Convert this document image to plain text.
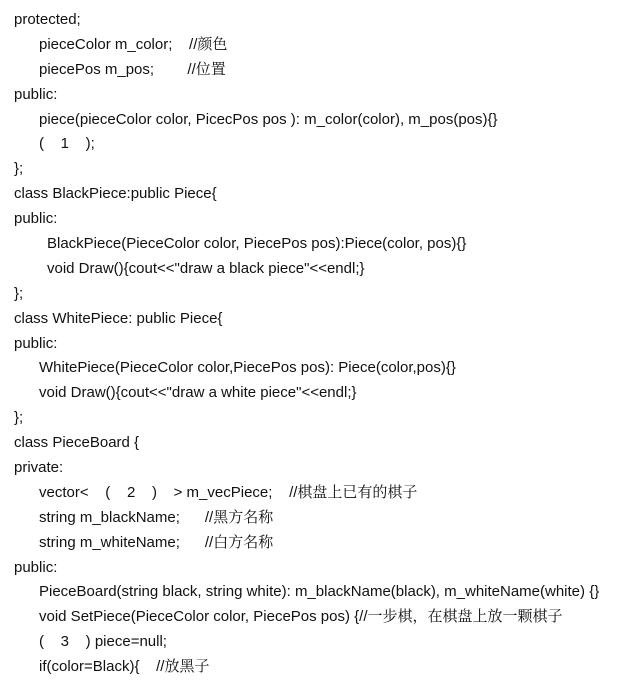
protected;
pieceColor m_color;    //颜色
piecePos m_pos;        //位置
public:
piece(pieceColor color, PicecPos pos ): m_color(color), m_pos(pos){}
(    1    );
};
class BlackPiece:public Piece{
public:
BlackPiece(PieceColor color, PiecePos pos):Piece(color, pos){}
void Draw(){cout<<"draw a black piece"<<endl;}
};
class WhitePiece: public Piece{
public:
WhitePiece(PieceColor color,PiecePos pos): Piece(color,pos){}
void Draw(){cout<<"draw a white piece"<<endl;}
};
class PieceBoard {
private:
vector<    (    2    )    > m_vecPiece;    //棋盘上已有的棋子
string m_blackName;      //黑方名称
string m_whiteName;      //白方名称
public:
PieceBoard(string black, string white): m_blackName(black), m_whiteName(white) {}
void SetPiece(PieceColor color, PiecePos pos) {//一步棋，在棋盘上放一颗棋子
(    3    ) piece=null;
if(color=Black){    //放黑子
